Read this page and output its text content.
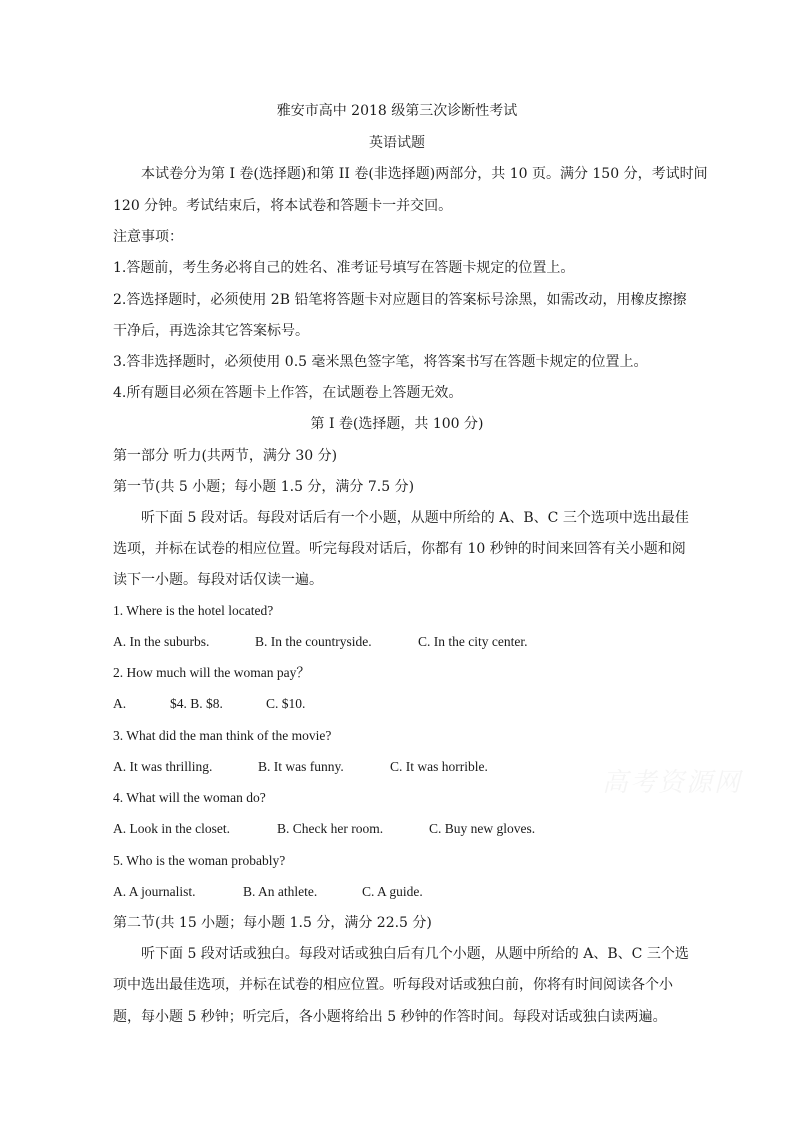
雅安市高中 2018 级第三次诊断性考试
英语试题
本试卷分为第 I 卷(选择题)和第 II 卷(非选择题)两部分，共 10 页。满分 150 分，考试时间
120 分钟。考试结束后，将本试卷和答题卡一并交回。
注意事项：
1.答题前，考生务必将自己的姓名、准考证号填写在答题卡规定的位置上。
2.答选择题时，必须使用 2B 铅笔将答题卡对应题目的答案标号涂黑，如需改动，用橡皮擦擦
干净后，再选涂其它答案标号。
3.答非选择题时，必须使用 0.5 毫米黑色签字笔，将答案书写在答题卡规定的位置上。
4.所有题目必须在答题卡上作答，在试题卷上答题无效。
第 I 卷(选择题，共 100 分)
第一部分 听力(共两节，满分 30 分)
第一节(共 5 小题；每小题 1.5 分，满分 7.5 分)
听下面 5 段对话。每段对话后有一个小题，从题中所给的 A、B、C 三个选项中选出最佳
选项，并标在试卷的相应位置。听完每段对话后，你都有 10 秒钟的时间来回答有关小题和阅
读下一小题。每段对话仅读一遍。
1. Where is the hotel located?
A. In the suburbs.	B. In the countryside.	C. In the city center.
2. How much will the woman pay？
A.	$4. B. $8.	C. $10.
3. What did the man think of the movie?
A. It was thrilling.	B. It was funny.	C. It was horrible.
4. What will the woman do?
A. Look in the closet.	B. Check her room.	C. Buy new gloves.
5. Who is the woman probably?
A. A journalist.	B. An athlete.	C. A guide.
第二节(共 15 小题；每小题 1.5 分，满分 22.5 分)
听下面 5 段对话或独白。每段对话或独白后有几个小题，从题中所给的 A、B、C 三个选
项中选出最佳选项，并标在试卷的相应位置。听每段对话或独白前，你将有时间阅读各个小
题，每小题 5 秒钟；听完后，各小题将给出 5 秒钟的作答时间。每段对话或独白读两遍。
